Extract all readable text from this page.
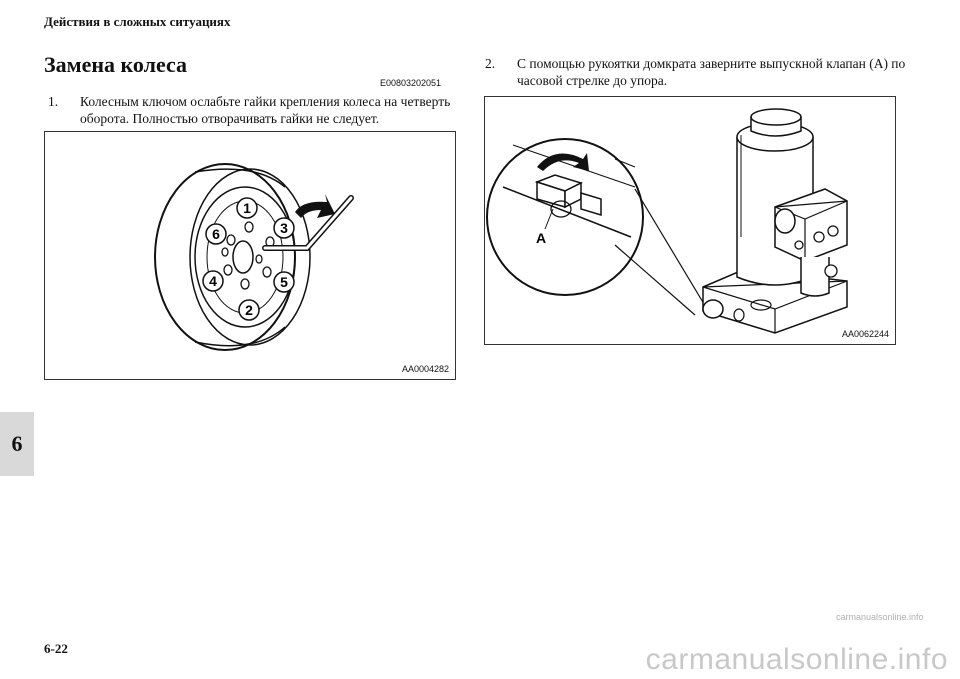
Действия в сложных ситуациях
Замена колеса
E00803202051
1. Колесным ключом ослабьте гайки крепления колеса на четверть оборота. Полностью отворачивать гайки не следует.
2. С помощью рукоятки домкрата заверните выпускной клапан (A) по часовой стрелке до упора.
1
3
5
2
4
6
AA0004282
A
AA0062244
6
6-22
carmanualsonline.info
carmanualsonline.info
